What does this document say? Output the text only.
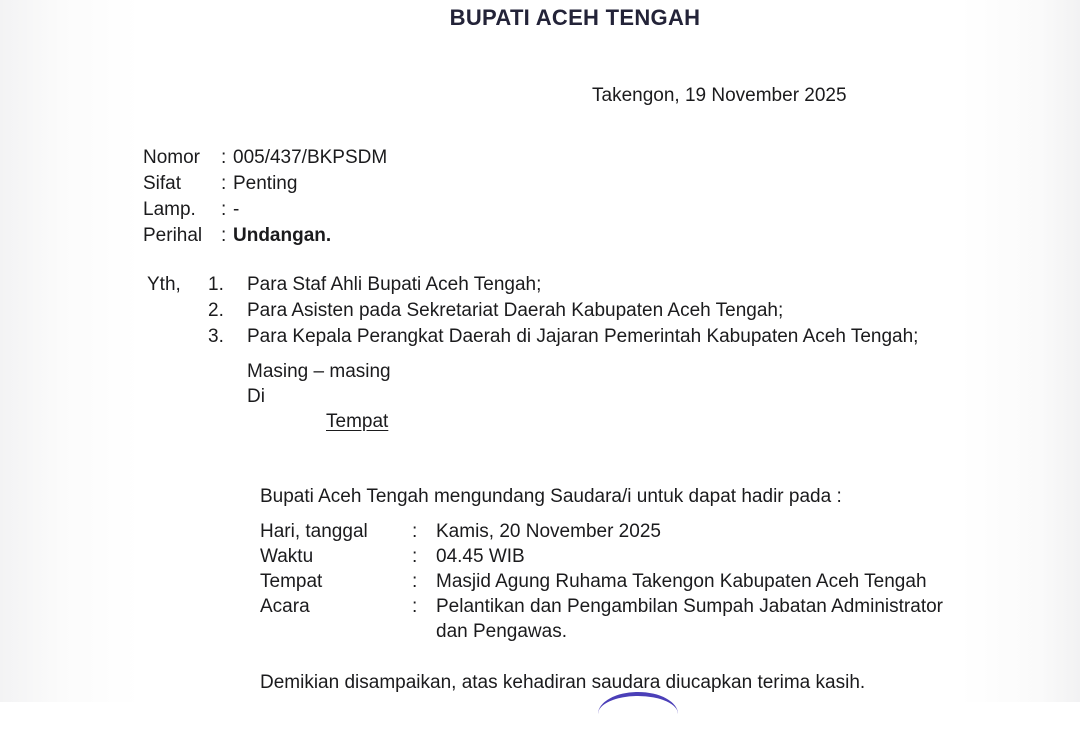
BUPATI ACEH TENGAH
Takengon, 19 November 2025
Nomor : 005/437/BKPSDM
Sifat : Penting
Lamp. : -
Perihal : Undangan.
Yth, 1. Para Staf Ahli Bupati Aceh Tengah;
2. Para Asisten pada Sekretariat Daerah Kabupaten Aceh Tengah;
3. Para Kepala Perangkat Daerah di Jajaran Pemerintah Kabupaten Aceh Tengah;
Masing – masing
Di
Tempat
Bupati Aceh Tengah mengundang Saudara/i untuk dapat hadir pada :
Hari, tanggal : Kamis, 20 November 2025
Waktu	: 04.45 WIB
Tempat	: Masjid Agung Ruhama Takengon Kabupaten Aceh Tengah
Acara	: Pelantikan dan Pengambilan Sumpah Jabatan Administrator
dan Pengawas.
Demikian disampaikan, atas kehadiran saudara diucapkan terima kasih.
